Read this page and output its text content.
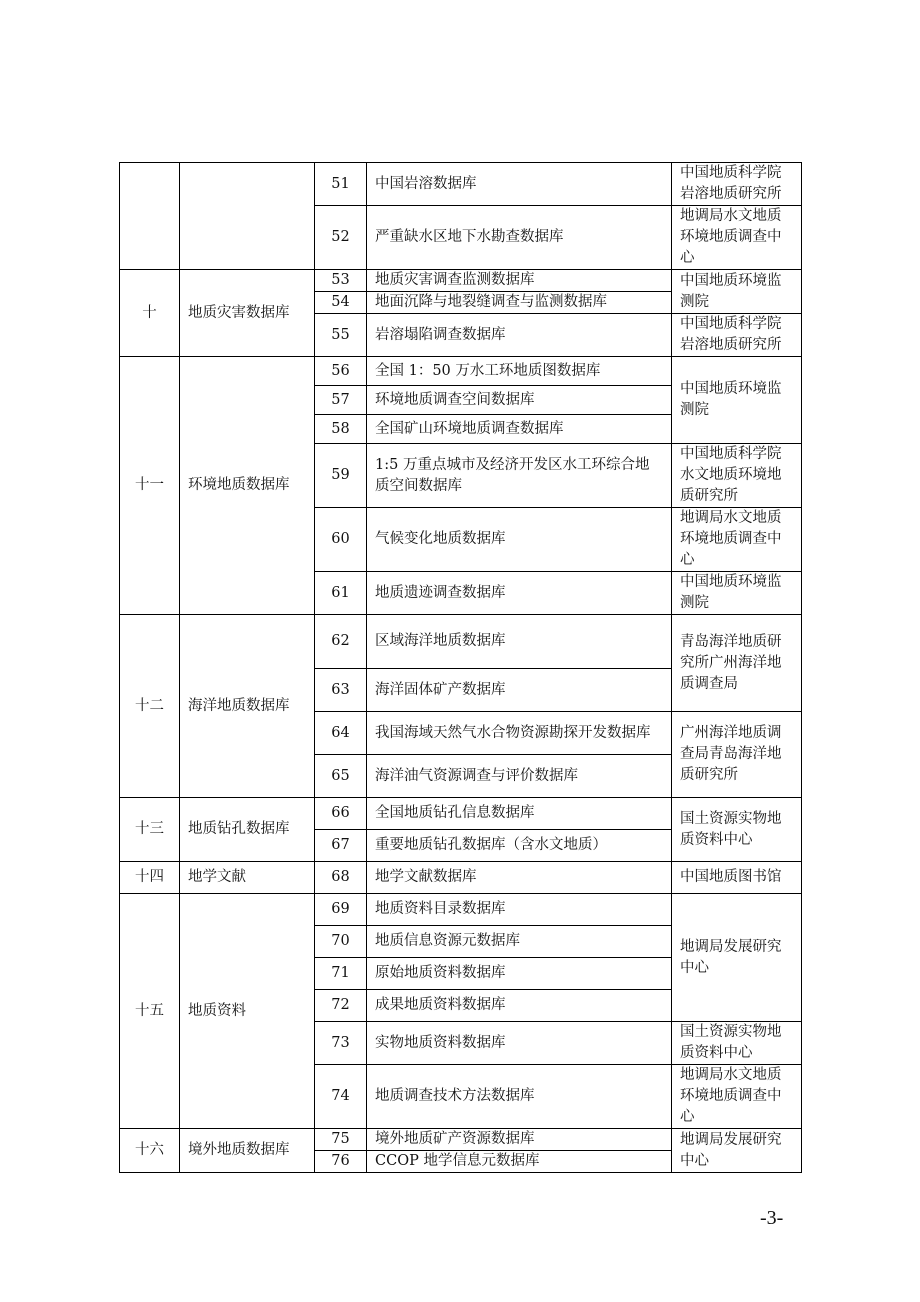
		51	中国岩溶数据库	中国地质科学院岩溶地质研究所
		52	严重缺水区地下水勘查数据库	地调局水文地质环境地质调查中心
十	地质灾害数据库	53	地质灾害调查监测数据库	中国地质环境监测院
		54	地面沉降与地裂缝调查与监测数据库	
		55	岩溶塌陷调查数据库	中国地质科学院岩溶地质研究所
十一	环境地质数据库	56	全国 1：50 万水工环地质图数据库	中国地质环境监测院
		57	环境地质调查空间数据库	
		58	全国矿山环境地质调查数据库	
		59	1:5 万重点城市及经济开发区水工环综合地质空间数据库	中国地质科学院水文地质环境地质研究所
		60	气候变化地质数据库	地调局水文地质环境地质调查中心
		61	地质遗迹调查数据库	中国地质环境监测院
十二	海洋地质数据库	62	区域海洋地质数据库	青岛海洋地质研究所广州海洋地质调查局
		63	海洋固体矿产数据库	
		64	我国海域天然气水合物资源勘探开发数据库	广州海洋地质调查局青岛海洋地质研究所
		65	海洋油气资源调查与评价数据库	
十三	地质钻孔数据库	66	全国地质钻孔信息数据库	国土资源实物地质资料中心
		67	重要地质钻孔数据库（含水文地质）	
十四	地学文献	68	地学文献数据库	中国地质图书馆
十五	地质资料	69	地质资料目录数据库	地调局发展研究中心
		70	地质信息资源元数据库	
		71	原始地质资料数据库	
		72	成果地质资料数据库	
		73	实物地质资料数据库	国土资源实物地质资料中心
		74	地质调查技术方法数据库	地调局水文地质环境地质调查中心
十六	境外地质数据库	75	境外地质矿产资源数据库	地调局发展研究中心
		76	CCOP 地学信息元数据库	
-3-
